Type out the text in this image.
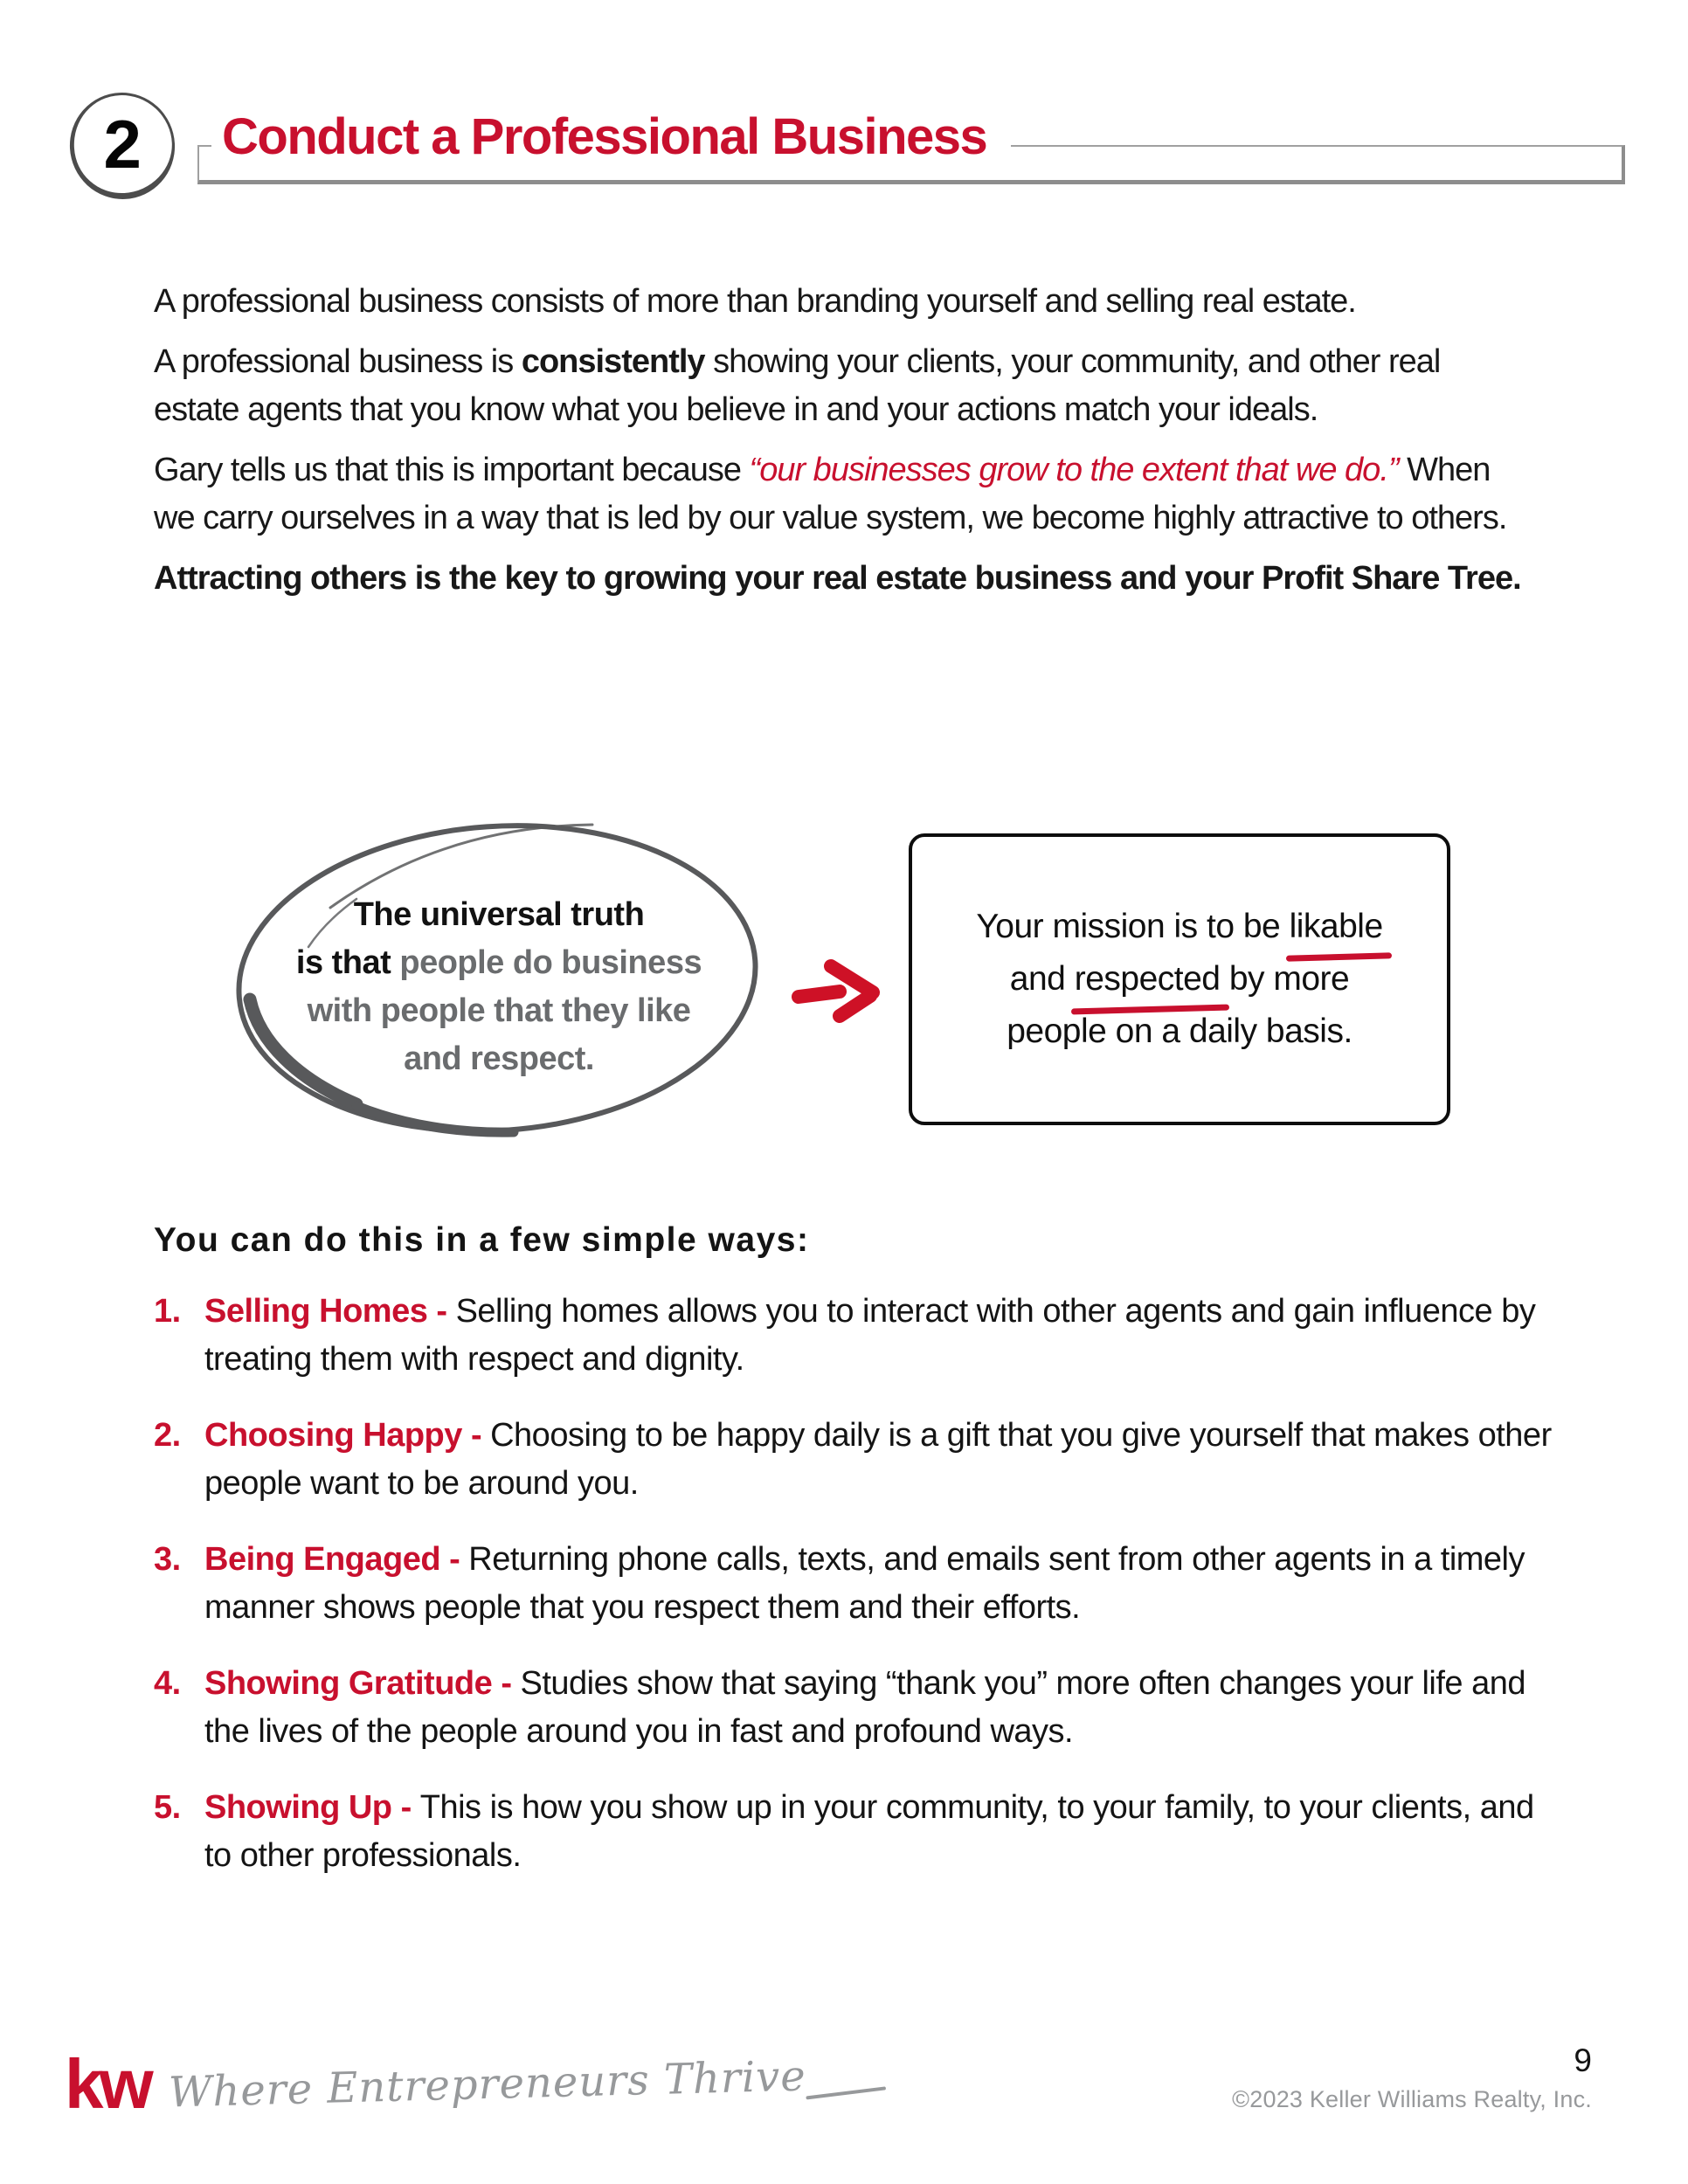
2 Conduct a Professional Business

A professional business consists of more than branding yourself and selling real estate.

A professional business is consistently showing your clients, your community, and other real estate agents that you know what you believe in and your actions match your ideals.

Gary tells us that this is important because “our businesses grow to the extent that we do.” When we carry ourselves in a way that is led by our value system, we become highly attractive to others.

Attracting others is the key to growing your real estate business and your Profit Share Tree.

The universal truth
is that people do business
with people that they like
and respect.
Your mission is to be likable
and respected by more
people on a daily basis.
You can do this in a few simple ways:
1. Selling Homes - Selling homes allows you to interact with other agents and gain influence by treating them with respect and dignity.

2. Choosing Happy - Choosing to be happy daily is a gift that you give yourself that makes other people want to be around you.

3. Being Engaged - Returning phone calls, texts, and emails sent from other agents in a timely manner shows people that you respect them and their efforts.

4. Showing Gratitude - Studies show that saying “thank you” more often changes your life and the lives of the people around you in fast and profound ways.

5. Showing Up - This is how you show up in your community, to your family, to your clients, and to other professionals.

kw Where Entrepreneurs Thrive	9
©2023 Keller Williams Realty, Inc.
